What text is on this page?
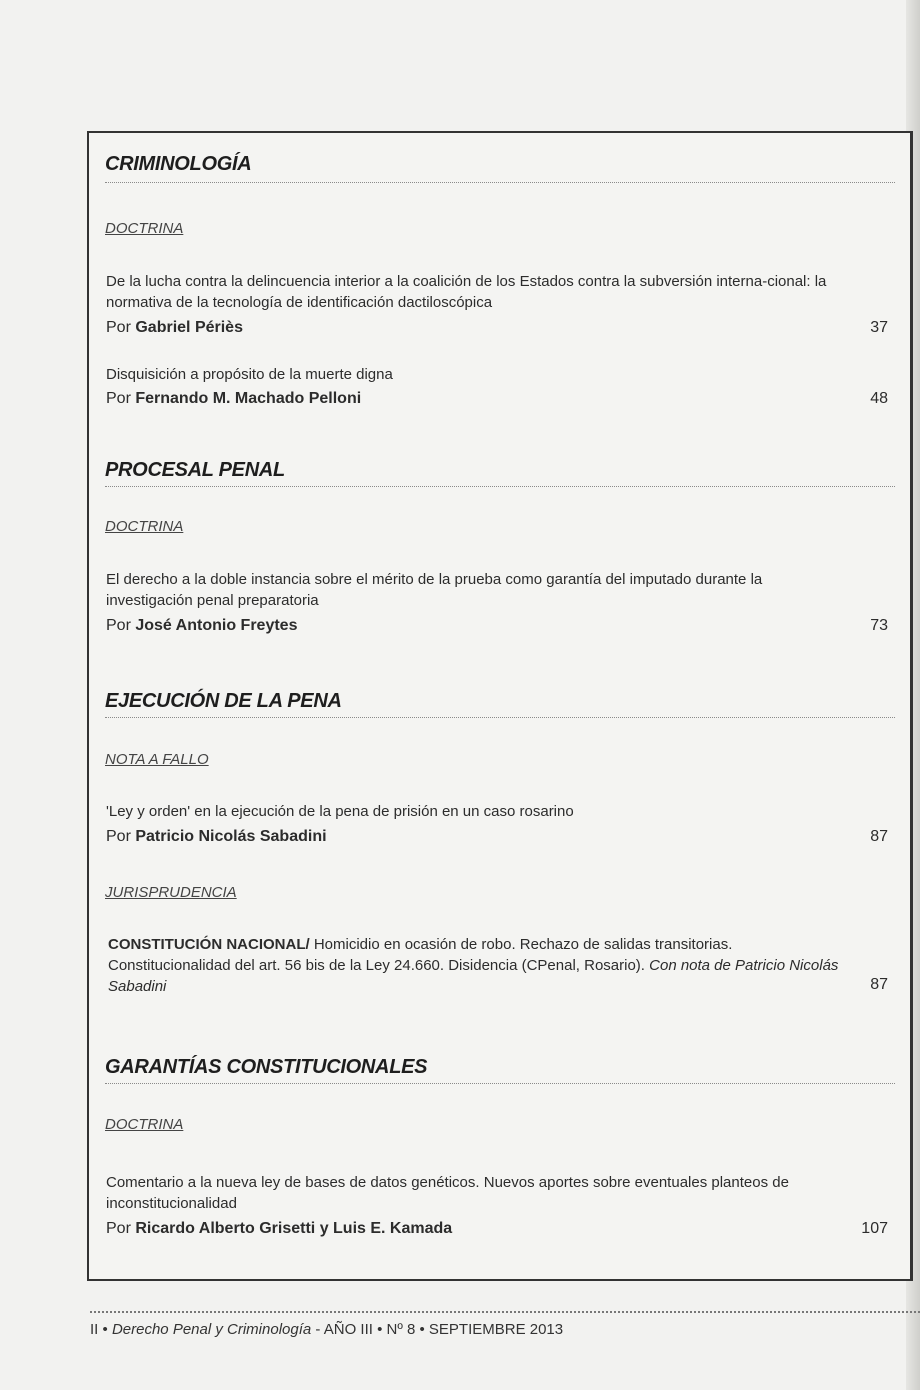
CRIMINOLOGÍA
DOCTRINA

De la lucha contra la delincuencia interior a la coalición de los Estados contra la subversión interna-cional: la normativa de la tecnología de identificación dactiloscópica

Por Gabriel Périès	37

Disquisición a propósito de la muerte digna

Por Fernando M. Machado Pelloni	48
PROCESAL PENAL
DOCTRINA

El derecho a la doble instancia sobre el mérito de la prueba como garantía del imputado durante la investigación penal preparatoria

Por José Antonio Freytes	73
EJECUCIÓN DE LA PENA
NOTA A FALLO

'Ley y orden' en la ejecución de la pena de prisión en un caso rosarino

Por Patricio Nicolás Sabadini	87
JURISPRUDENCIA

CONSTITUCIÓN NACIONAL/ Homicidio en ocasión de robo. Rechazo de salidas transitorias. Constitucionalidad del art. 56 bis de la Ley 24.660. Disidencia (CPenal, Rosario). Con nota de Patricio Nicolás Sabadini	87
GARANTÍAS CONSTITUCIONALES
DOCTRINA

Comentario a la nueva ley de bases de datos genéticos. Nuevos aportes sobre eventuales planteos de inconstitucionalidad

Por Ricardo Alberto Grisetti y Luis E. Kamada	107
II • Derecho Penal y Criminología - AÑO III • Nº 8 • SEPTIEMBRE 2013
